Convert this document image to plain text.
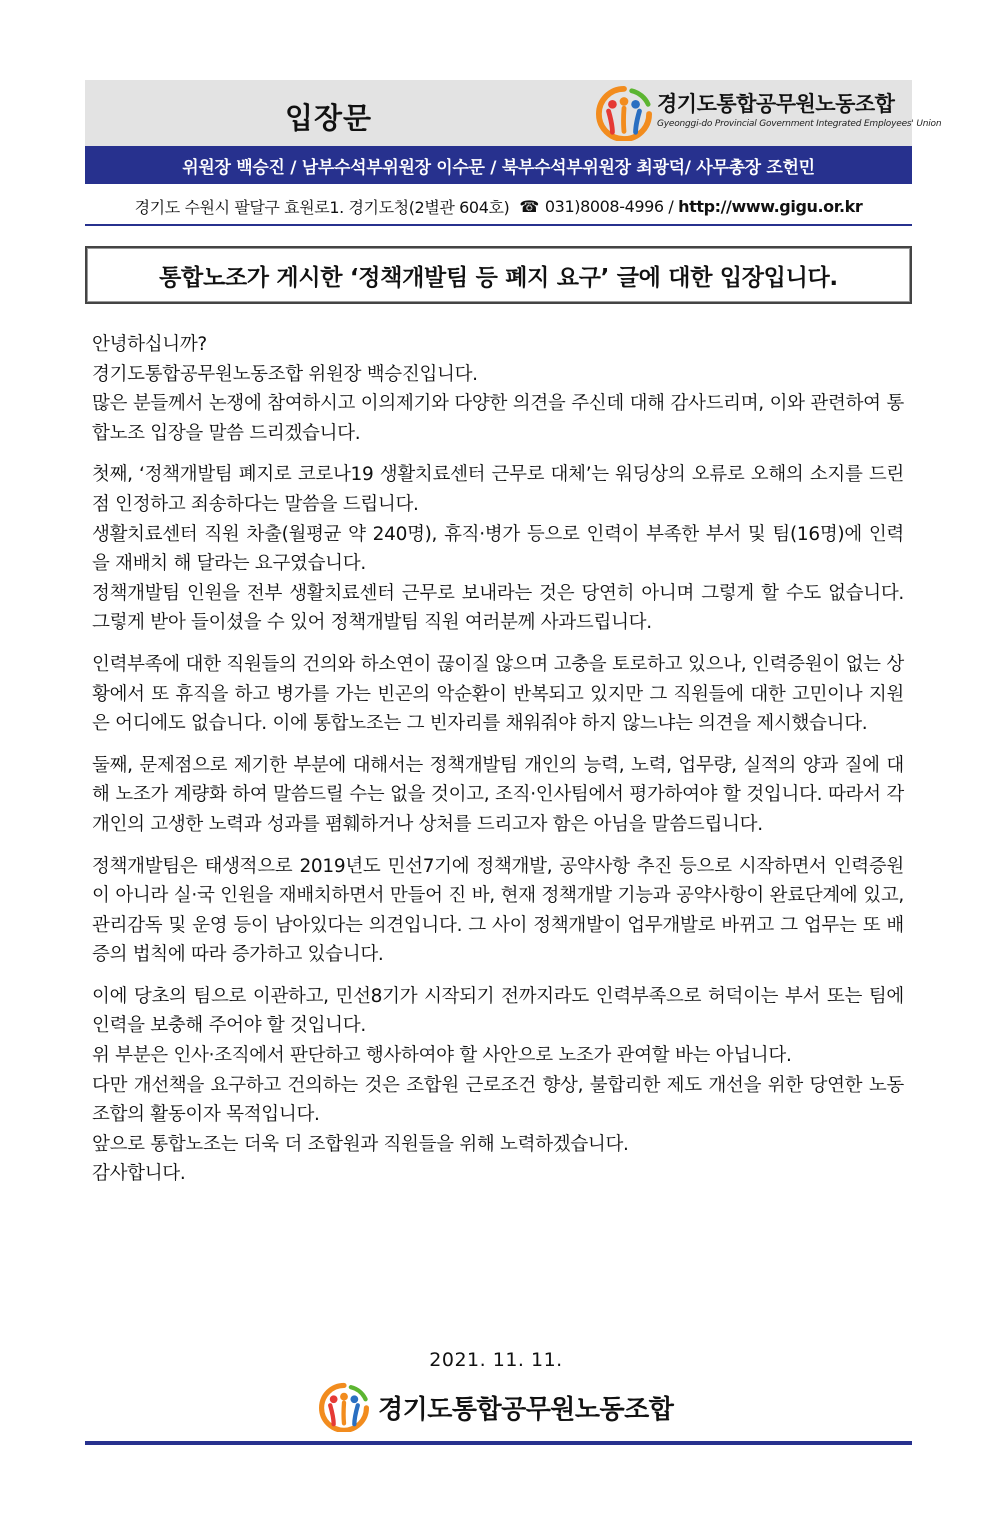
입장문	경기도통합공무원노동조합
Gyeonggi-do Provincial Government Integrated Employees' Union
위원장 백승진 / 남부수석부위원장 이수문 / 북부수석부위원장 최광덕/ 사무총장 조헌민
경기도 수원시 팔달구 효원로1. 경기도청(2별관 604호) ☎ 031)8008-4996 /
http://www.gigu.or.kr
통합노조가 게시한 ‘정책개발팀 등 폐지 요구’ 글에 대한 입장입니다.

안녕하십니까?

경기도통합공무원노동조합 위원장 백승진입니다.

많은 분들께서 논쟁에 참여하시고 이의제기와 다양한 의견을 주신데 대해 감사드리며, 이와 관련하여 통합노조 입장을 말씀 드리겠습니다.

첫째, ‘정책개발팀 폐지로 코로나19 생활치료센터 근무로 대체’는 워딩상의 오류로 오해의 소지를 드린 점 인정하고 죄송하다는 말씀을 드립니다.

생활치료센터 직원 차출(월평균 약 240명), 휴직·병가 등으로 인력이 부족한 부서 및 팀(16명)에 인력을 재배치 해 달라는 요구였습니다.

정책개발팀 인원을 전부 생활치료센터 근무로 보내라는 것은 당연히 아니며 그렇게 할 수도 없습니다. 그렇게 받아 들이셨을 수 있어 정책개발팀 직원 여러분께 사과드립니다.

인력부족에 대한 직원들의 건의와 하소연이 끊이질 않으며 고충을 토로하고 있으나, 인력증원이 없는 상황에서 또 휴직을 하고 병가를 가는 빈곤의 악순환이 반복되고 있지만 그 직원들에 대한 고민이나 지원은 어디에도 없습니다. 이에 통합노조는 그 빈자리를 채워줘야 하지 않느냐는 의견을 제시했습니다.

둘째, 문제점으로 제기한 부분에 대해서는 정책개발팀 개인의 능력, 노력, 업무량, 실적의 양과 질에 대해 노조가 계량화 하여 말씀드릴 수는 없을 것이고, 조직·인사팀에서 평가하여야 할 것입니다. 따라서 각 개인의 고생한 노력과 성과를 폄훼하거나 상처를 드리고자 함은 아님을 말씀드립니다.

정책개발팀은 태생적으로 2019년도 민선7기에 정책개발, 공약사항 추진 등으로 시작하면서 인력증원이 아니라 실·국 인원을 재배치하면서 만들어 진 바, 현재 정책개발 기능과 공약사항이 완료단계에 있고, 관리감독 및 운영 등이 남아있다는 의견입니다. 그 사이 정책개발이 업무개발로 바뀌고 그 업무는 또 배증의 법칙에 따라 증가하고 있습니다.

이에 당초의 팀으로 이관하고, 민선8기가 시작되기 전까지라도 인력부족으로 허덕이는 부서 또는 팀에 인력을 보충해 주어야 할 것입니다.

위 부분은 인사·조직에서 판단하고 행사하여야 할 사안으로 노조가 관여할 바는 아닙니다.

다만 개선책을 요구하고 건의하는 것은 조합원 근로조건 향상, 불합리한 제도 개선을 위한 당연한 노동조합의 활동이자 목적입니다.

앞으로 통합노조는 더욱 더 조합원과 직원들을 위해 노력하겠습니다.

감사합니다.

2021. 11. 11.
경기도통합공무원노동조합
